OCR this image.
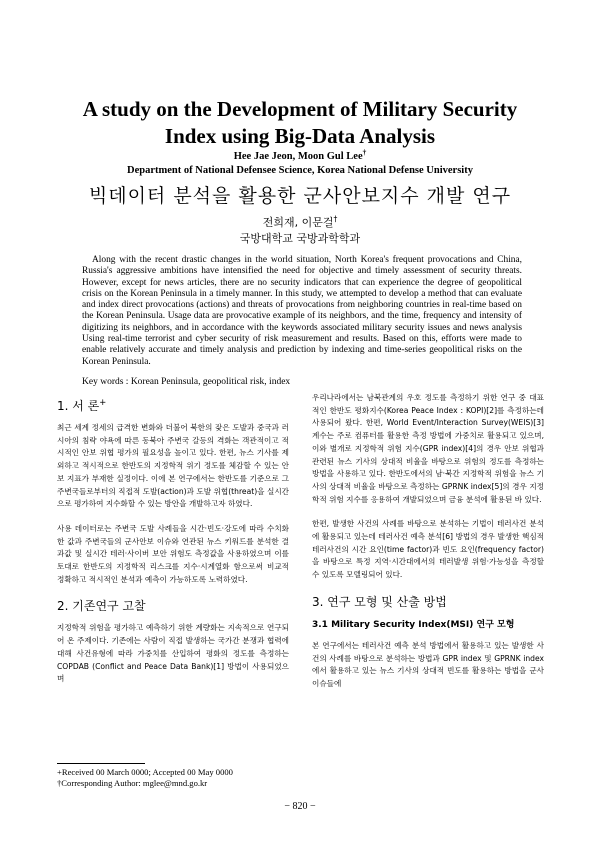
A study on the Development of Military Security
Index using Big-Data Analysis
Hee Jae Jeon, Moon Gul Lee†
Department of National Defensee Science, Korea National Defense University
빅데이터 분석을 활용한 군사안보지수 개발 연구
전희재, 이문걸†
국방대학교 국방과학학과
Along with the recent drastic changes in the world situation, North Korea's frequent provocations and China, Russia's aggressive ambitions have intensified the need for objective and timely assessment of security threats. However, except for news articles, there are no security indicators that can experience the degree of geopolitical crisis on the Korean Peninsula in a timely manner. In this study, we attempted to develop a method that can evaluate and index direct provocations (actions) and threats of provocations from neighboring countries in real-time based on the Korean Peninsula. Usage data are provocative example of its neighbors, and the time, frequency and intensity of digitizing its neighbors, and in accordance with the keywords associated military security issues and news analysis Using real-time terrorist and cyber security of risk measurement and results. Based on this, efforts were made to enable relatively accurate and timely analysis and prediction by indexing and time-series geopolitical risks on the Korean Peninsula.
Key words : Korean Peninsula, geopolitical risk, index
1. 서 론+

최근 세계 정세의 급격한 변화와 더불어 북한의 잦은 도발과 중국과 러시아의 침략 야욕에 따른 동북아 주변국 갈등의 격화는 객관적이고 적시적인 안보 위협 평가의 필요성을 높이고 있다. 한편, 뉴스 기사를 제외하고 적시적으로 한반도의 지정학적 위기 정도를 체감할 수 있는 안보 지표가 부재한 실정이다. 이에 본 연구에서는 한반도를 기준으로 그 주변국들로부터의 직접적 도발(action)과 도발 위협(threat)을 실시간으로 평가하여 지수화할 수 있는 방안을 개발하고자 하였다.

사용 데이터로는 주변국 도발 사례들을 시간·빈도·강도에 따라 수치화한 값과 주변국들의 군사안보 이슈와 연관된 뉴스 키워드를 분석한 결과값 및 실시간 테러·사이버 보안 위험도 측정값을 사용하였으며 이를 토대로 한반도의 지정학적 리스크를 지수·시계열화 함으로써 비교적 정확하고 적시적인 분석과 예측이 가능하도록 노력하였다.

2. 기존연구 고찰

지정학적 위험을 평가하고 예측하기 위한 계량화는 지속적으로 연구되어 온 주제이다. 기존에는 사람이 직접 발생하는 국가간 분쟁과 협력에 대해 사건유형에 따라 가중치를 산입하여 평화의 정도를 측정하는 COPDAB (Conflict and Peace Data Bank)[1] 방법이 사용되었으며

우리나라에서는 남북관계의 우호 정도를 측정하기 위한 연구 중 대표적인 한반도 평화지수(Korea Peace Index : KOPI)[2]를 측정하는데 사용되어 왔다. 한편, World Event/Interaction Survey(WEIS)[3] 계수는 주로 컴퓨터를 활용한 측정 방법에 가중치로 활용되고 있으며, 이와 별개로 지정학적 위험 지수(GPR index)[4]의 경우 안보 위협과 관련된 뉴스 기사의 상대적 비율을 바탕으로 위험의 정도를 측정하는 방법을 사용하고 있다. 한반도에서의 남·북간 지정학적 위험을 뉴스 기사의 상대적 비율을 바탕으로 측정하는 GPRNK index[5]의 경우 지정학적 위험 지수를 응용하여 개발되었으며 금융 분석에 활용된 바 있다.

한편, 발생한 사건의 사례를 바탕으로 분석하는 기법이 테러사건 분석에 활용되고 있는데 테러사건 예측 분석[6] 방법의 경우 발생한 핵심적 테러사건의 시간 요인(time factor)과 빈도 요인(frequency factor)을 바탕으로 특정 지역·시간대에서의 테러발생 위험·가능성을 측정할 수 있도록 모델링되어 있다.

3. 연구 모형 및 산출 방법
3.1 Military Security Index(MSI) 연구 모형

본 연구에서는 테러사건 예측 분석 방법에서 활용하고 있는 발생한 사건의 사례를 바탕으로 분석하는 방법과 GPR index 및 GPRNK index에서 활용하고 있는 뉴스 기사의 상대적 빈도를 활용하는 방법을 군사 이슈들에

+Received 00 March 0000; Accepted 00 May 0000
†Corresponding Author: mglee@mnd.go.kr
− 820 −
